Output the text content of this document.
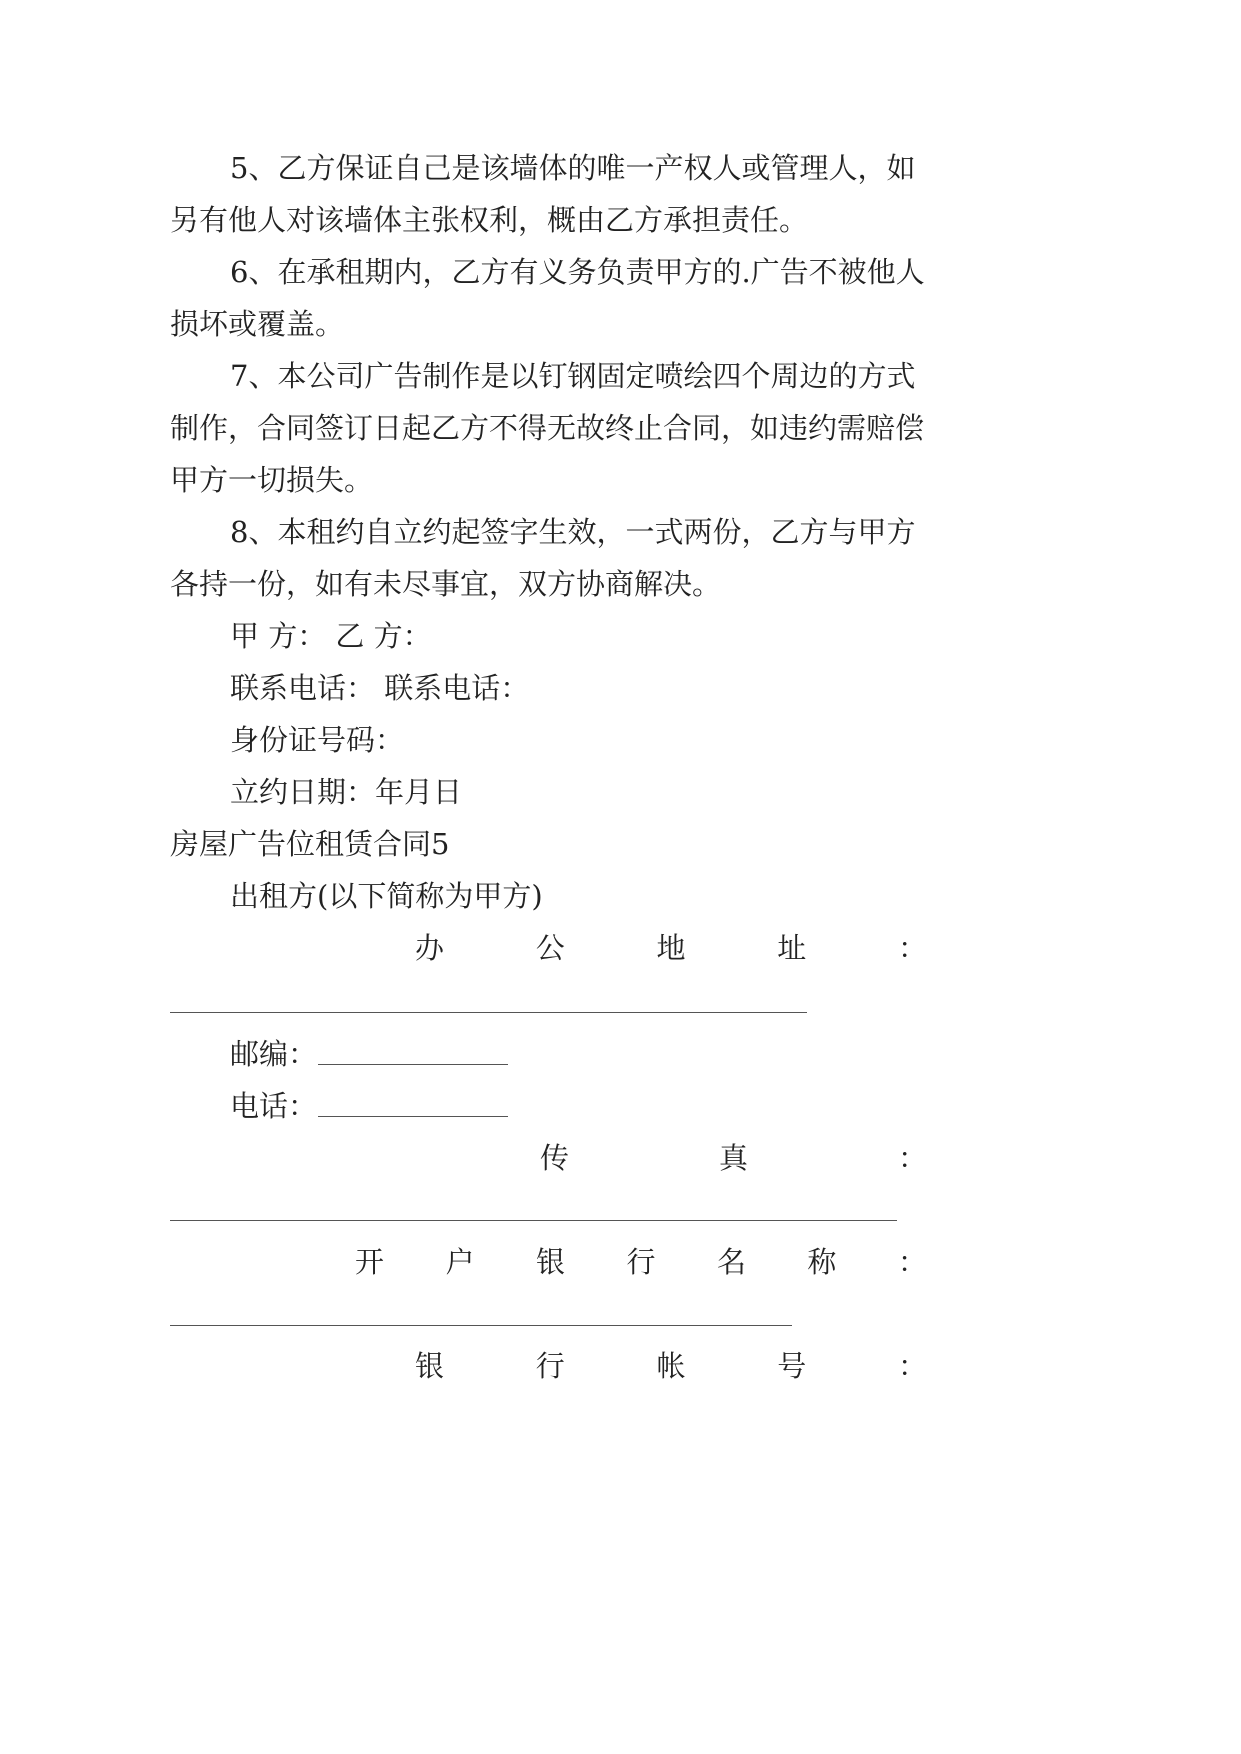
5、乙方保证自己是该墙体的唯一产权人或管理人，如
另有他人对该墙体主张权利，概由乙方承担责任。
6、在承租期内，乙方有义务负责甲方的.广告不被他人
损坏或覆盖。
7、本公司广告制作是以钉钢固定喷绘四个周边的方式
制作，合同签订日起乙方不得无故终止合同，如违约需赔偿
甲方一切损失。
8、本租约自立约起签字生效，一式两份，乙方与甲方
各持一份，如有未尽事宜，双方协商解决。
甲 方： 乙 方：
联系电话： 联系电话：
身份证号码：
立约日期：年月日
房屋广告位租赁合同5
出租方(以下简称为甲方)
办	公	地	址	：
邮编：
电话：
传	真	：
开 户 银 行 名 称 ：
银	行	帐	号	：
